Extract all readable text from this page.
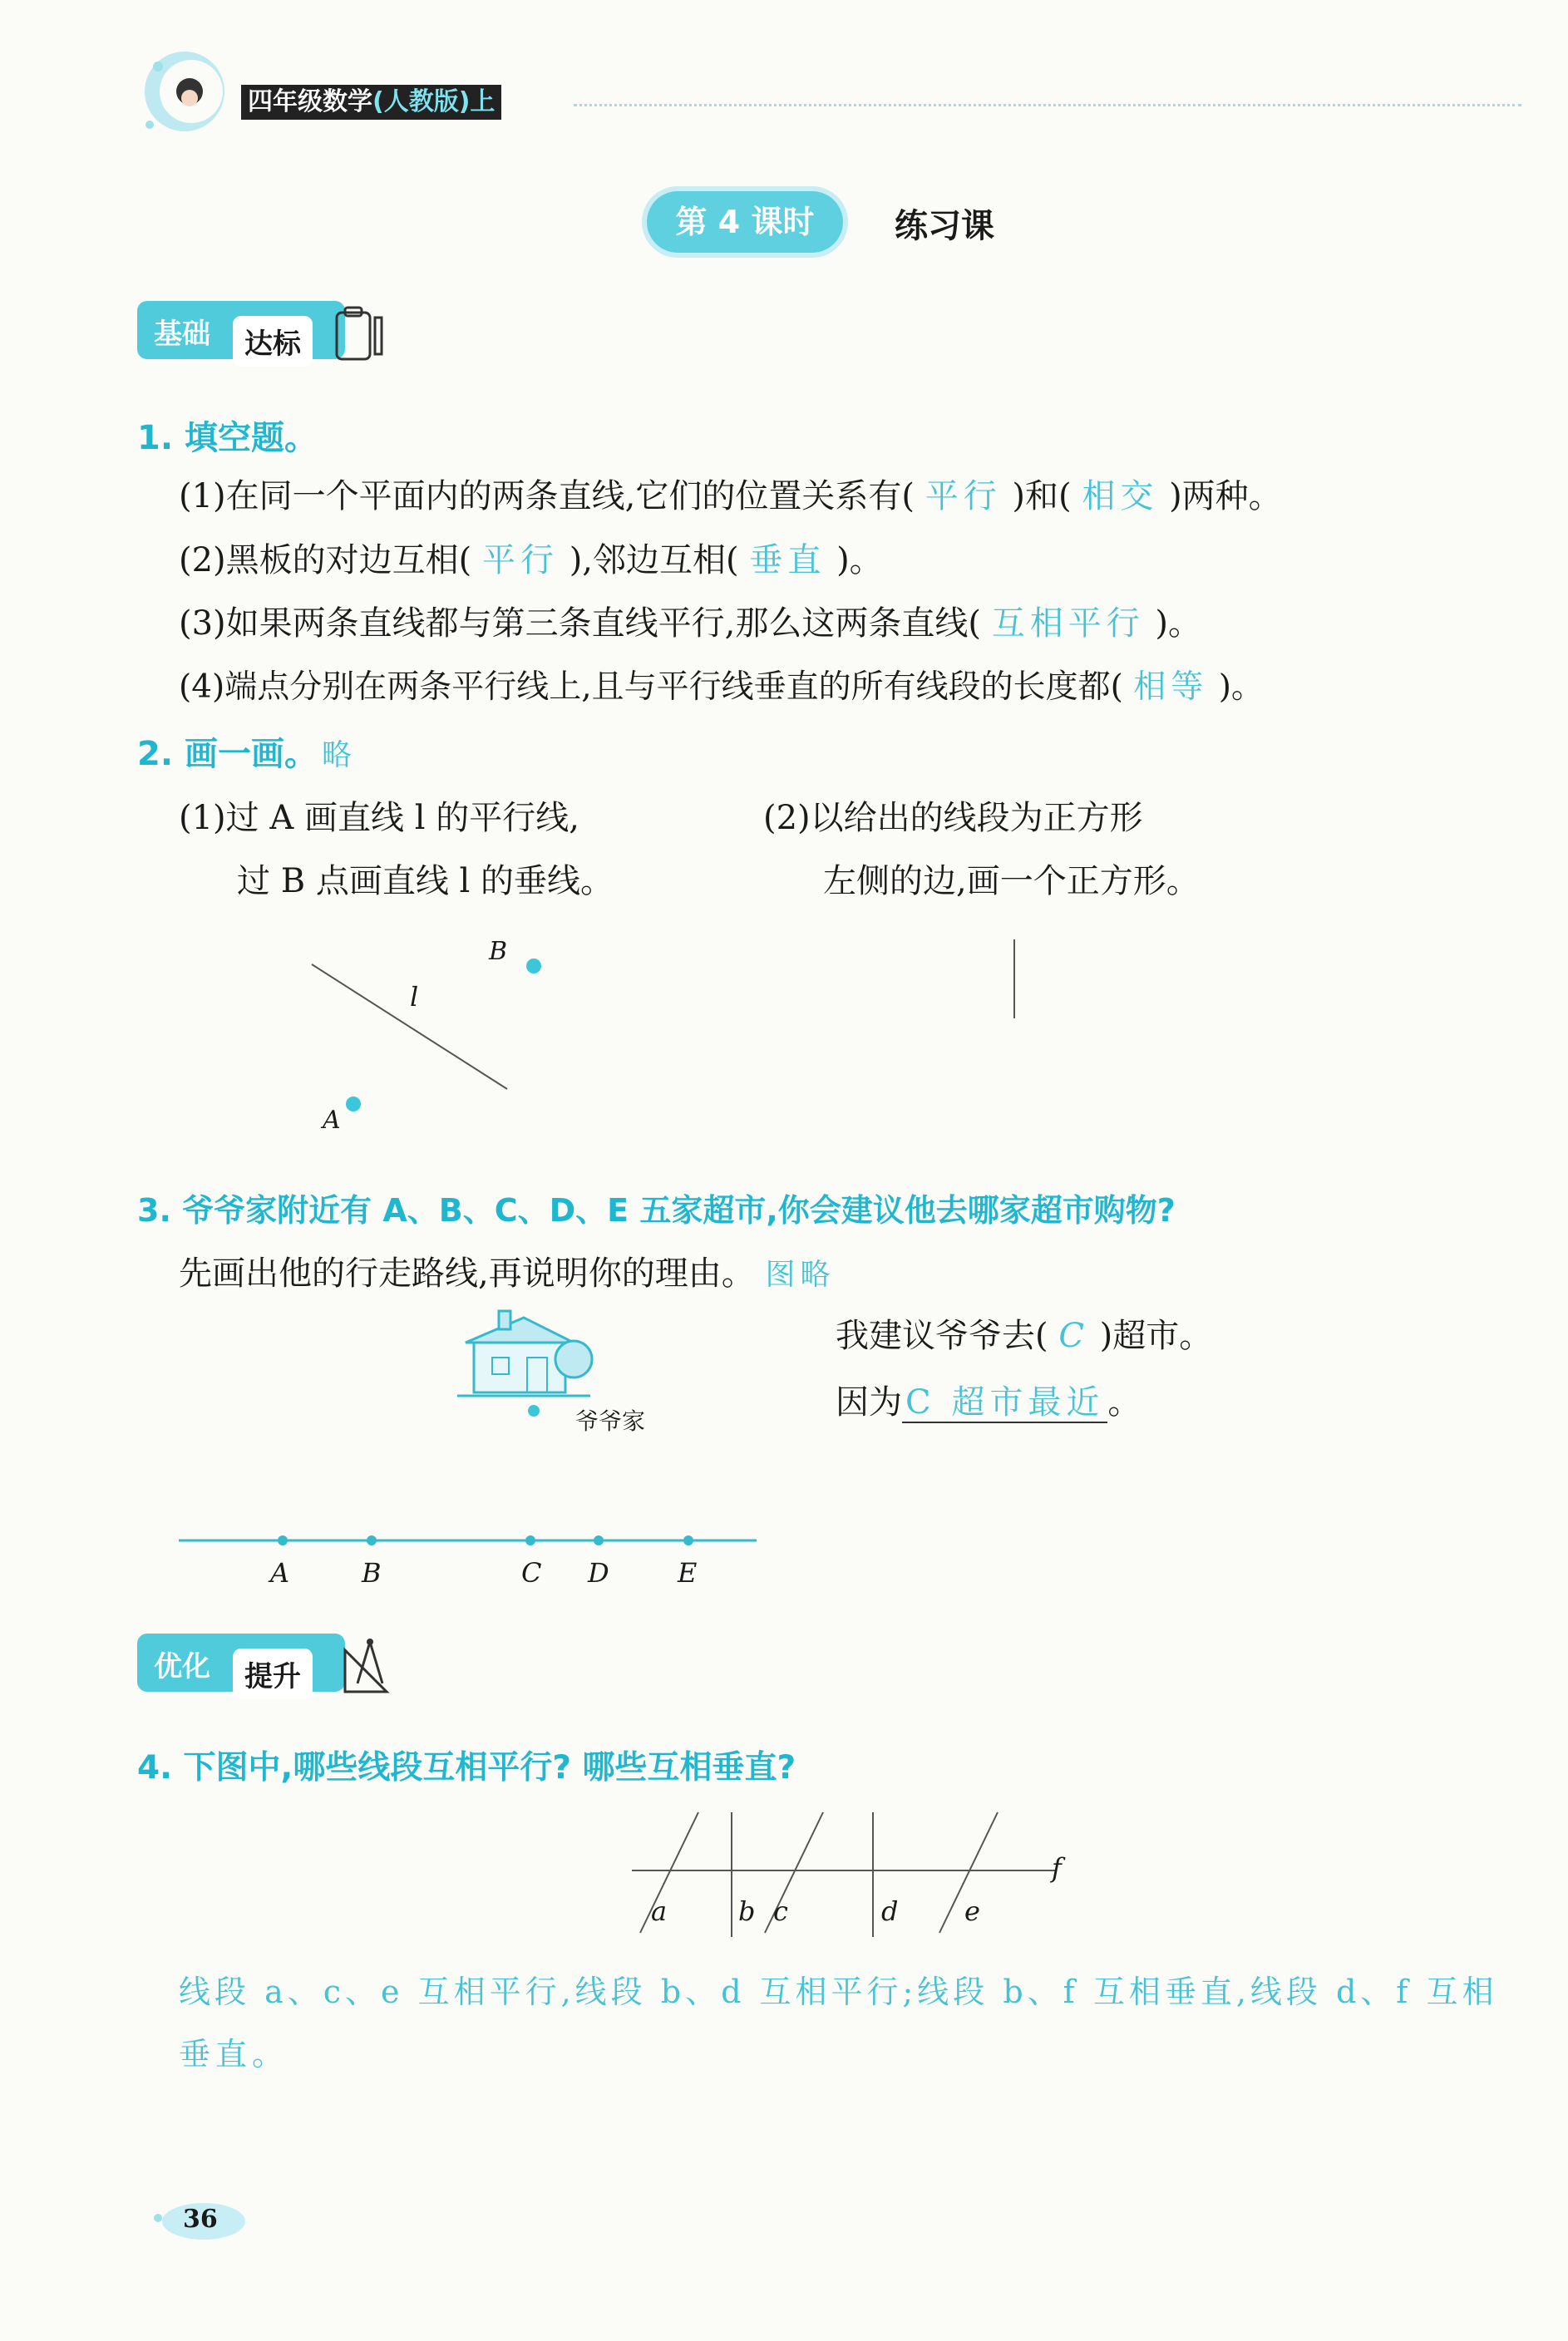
四年级数学(人教版)上
第 4 课时	练习课
基础	达标
1. 填空题。
(1)在同一个平面内的两条直线,它们的位置关系有( 平行 )和( 相交 )两种。
(2)黑板的对边互相( 平行 ),邻边互相( 垂直 )。
(3)如果两条直线都与第三条直线平行,那么这两条直线( 互相平行 )。
(4)端点分别在两条平行线上,且与平行线垂直的所有线段的长度都( 相等 )。
2. 画一画。 略
(1)过 A 画直线 l 的平行线,
过 B 点画直线 l 的垂线。
(2)以给出的线段为正方形
左侧的边,画一个正方形。
B
l
A
3. 爷爷家附近有 A、B、C、D、E 五家超市,你会建议他去哪家超市购物?
先画出他的行走路线,再说明你的理由。 图略
爷爷家
我建议爷爷去( C )超市。
因为 C 超市最近 。
A	B	C D	E
优化	提升
4. 下图中,哪些线段互相平行? 哪些互相垂直?
a	b c	d e
f
线段 a、c、e 互相平行,线段 b、d 互相平行;线段 b、f 互相垂直,线段 d、f 互相
垂直。
36
